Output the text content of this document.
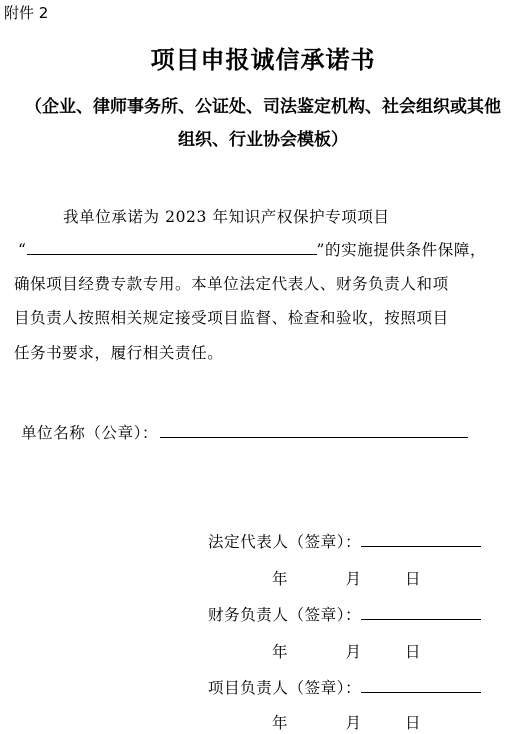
附件 2
项目申报诚信承诺书
（企业、律师事务所、公证处、司法鉴定机构、社会组织或其他
组织、行业协会模板）
我单位承诺为 2023 年知识产权保护专项项目
“	”的实施提供条件保障，
确保项目经费专款专用。本单位法定代表人、财务负责人和项
目负责人按照相关规定接受项目监督、检查和验收，按照项目
任务书要求，履行相关责任。
单位名称（公章）：
法定代表人（签章）：
年	月	日
财务负责人（签章）：
年	月	日
项目负责人（签章）：
年	月	日
